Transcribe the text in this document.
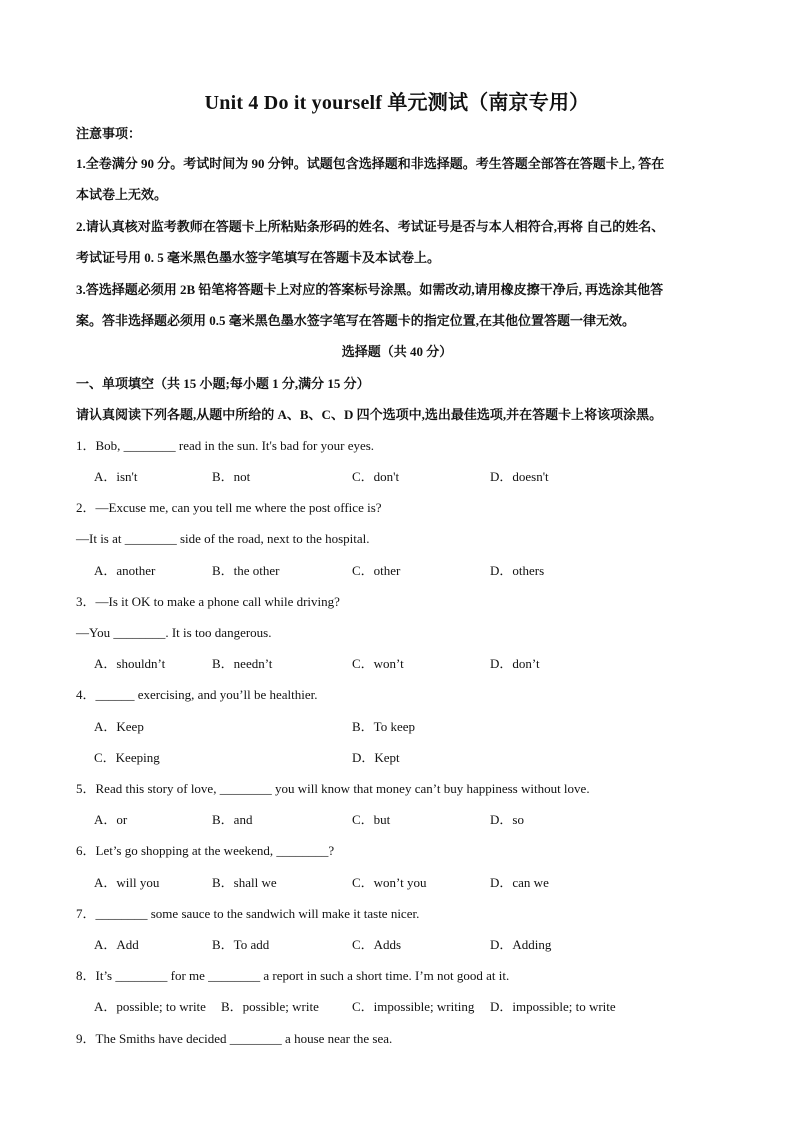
Unit 4 Do it yourself 单元测试（南京专用）
注意事项：
1.全卷满分 90 分。考试时间为 90 分钟。试题包含选择题和非选择题。考生答题全部答在答题卡上, 答在
本试卷上无效。
2.请认真核对监考教师在答题卡上所粘贴条形码的姓名、考试证号是否与本人相符合,再将 自己的姓名、
考试证号用 0. 5 毫米黑色墨水签字笔填写在答题卡及本试卷上。
3.答选择题必须用 2B 铅笔将答题卡上对应的答案标号涂黑。如需改动,请用橡皮擦干净后, 再选涂其他答
案。答非选择题必须用 0.5 毫米黑色墨水签字笔写在答题卡的指定位置,在其他位置答题一律无效。
选择题（共 40 分）
一、单项填空（共 15 小题;每小题 1 分,满分 15 分）
请认真阅读下列各题,从题中所给的 A、B、C、D 四个选项中,选出最佳选项,并在答题卡上将该项涂黑。
1．Bob, ________ read in the sun. It's bad for your eyes.
A．isn't	B．not	C．don't	D．doesn't
2．—Excuse me, can you tell me where the post office is?
—It is at ________ side of the road, next to the hospital.
A．another	B．the other	C．other	D．others
3．—Is it OK to make a phone call while driving?
—You ________. It is too dangerous.
A．shouldn’t	B．needn’t	C．won’t	D．don’t
4．______ exercising, and you’ll be healthier.
A．Keep	B．To keep
C．Keeping	D．Kept
5．Read this story of love, ________ you will know that money can’t buy happiness without love.
A．or	B．and	C．but	D．so
6．Let’s go shopping at the weekend, ________?
A．will you	B．shall we	C．won’t you	D．can we
7．________ some sauce to the sandwich will make it taste nicer.
A．Add	B．To add	C．Adds	D．Adding
8．It’s ________ for me ________ a report in such a short time. I’m not good at it.
A．possible; to write B．possible; write	C．impossible; writing D．impossible; to write
9．The Smiths have decided ________ a house near the sea.
